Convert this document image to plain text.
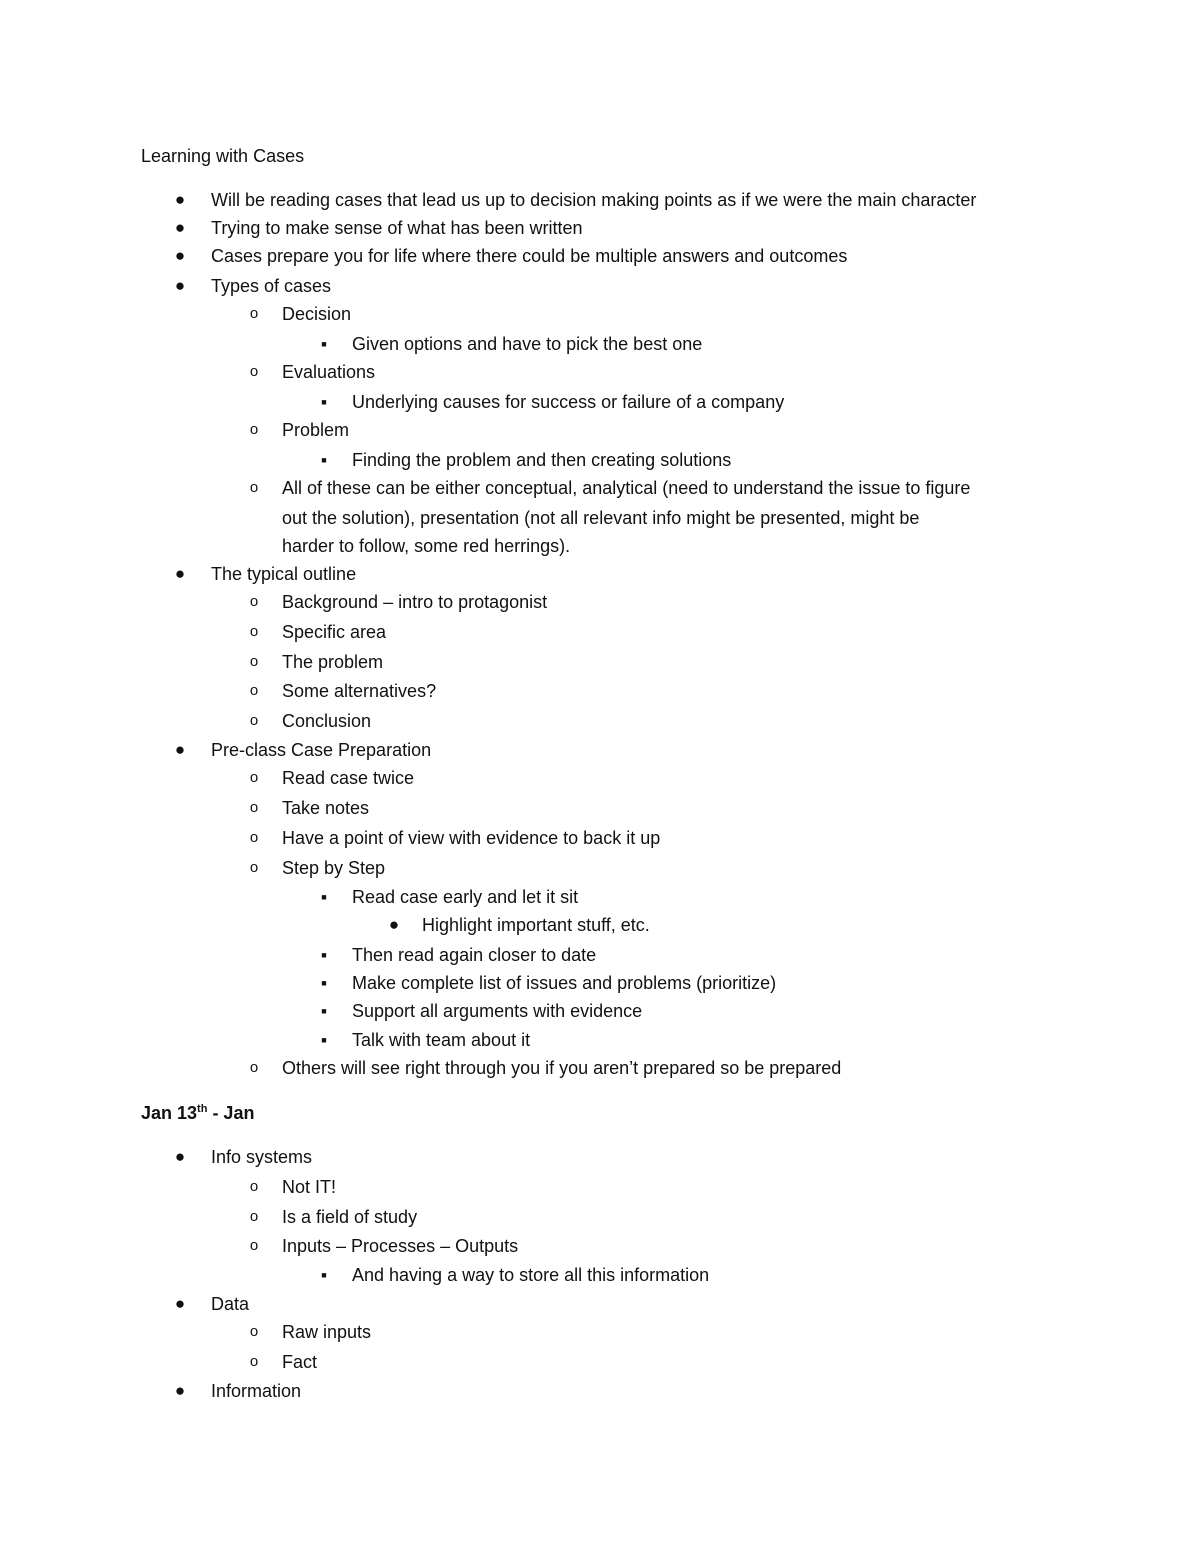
Learning with Cases
● Will be reading cases that lead us up to decision making points as if we were the main character
● Trying to make sense of what has been written
● Cases prepare you for life where there could be multiple answers and outcomes
● Types of cases
o Decision
■ Given options and have to pick the best one
o Evaluations
■ Underlying causes for success or failure of a company
o Problem
■ Finding the problem and then creating solutions
o All of these can be either conceptual, analytical (need to understand the issue to figure
out the solution), presentation (not all relevant info might be presented, might be
harder to follow, some red herrings).
● The typical outline
o Background – intro to protagonist
o Specific area
o The problem
o Some alternatives?
o Conclusion
● Pre-class Case Preparation
o Read case twice
o Take notes
o Have a point of view with evidence to back it up
o Step by Step
■ Read case early and let it sit
● Highlight important stuff, etc.
■ Then read again closer to date
■ Make complete list of issues and problems (prioritize)
■ Support all arguments with evidence
■ Talk with team about it
o Others will see right through you if you aren’t prepared so be prepared
Jan 13th - Jan
● Info systems
o Not IT!
o Is a field of study
o Inputs – Processes – Outputs
■ And having a way to store all this information
● Data
o Raw inputs
o Fact
● Information
